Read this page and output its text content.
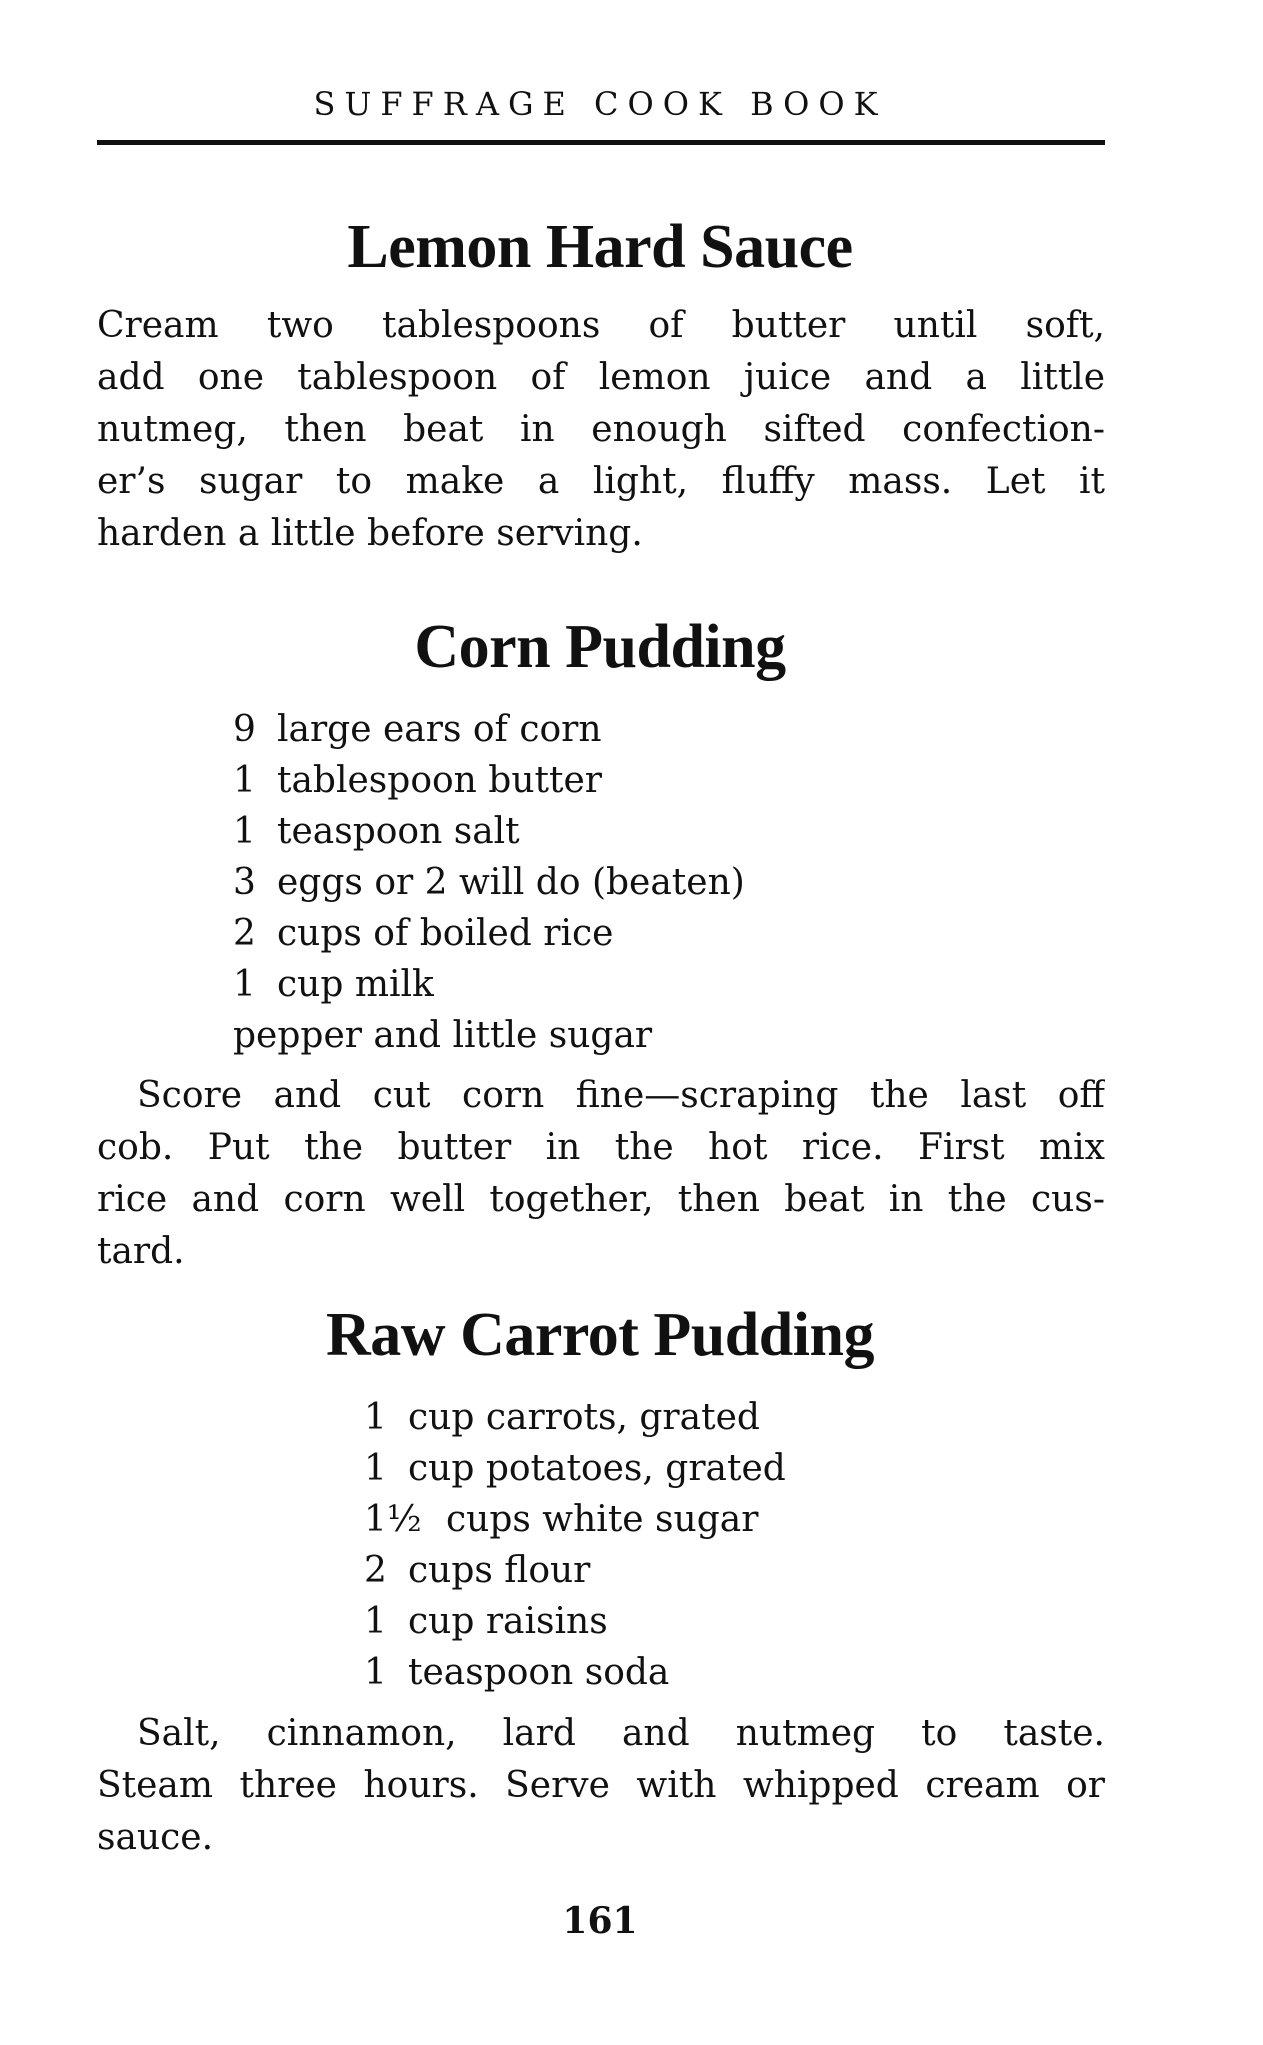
SUFFRAGE COOK BOOK
Lemon Hard Sauce
Cream two tablespoons of butter until soft,
add one tablespoon of lemon juice and a little
nutmeg, then beat in enough sifted confection-
er’s sugar to make a light, fluffy mass. Let it
harden a little before serving.
Corn Pudding
9 large ears of corn
1 tablespoon butter
1 teaspoon salt
3 eggs or 2 will do (beaten)
2 cups of boiled rice
1 cup milk
pepper and little sugar
Score and cut corn fine—scraping the last off
cob. Put the butter in the hot rice. First mix
rice and corn well together, then beat in the cus-
tard.
Raw Carrot Pudding
1 cup carrots, grated
1 cup potatoes, grated
1½ cups white sugar
2 cups flour
1 cup raisins
1 teaspoon soda
Salt, cinnamon, lard and nutmeg to taste.
Steam three hours. Serve with whipped cream or
sauce.
161
